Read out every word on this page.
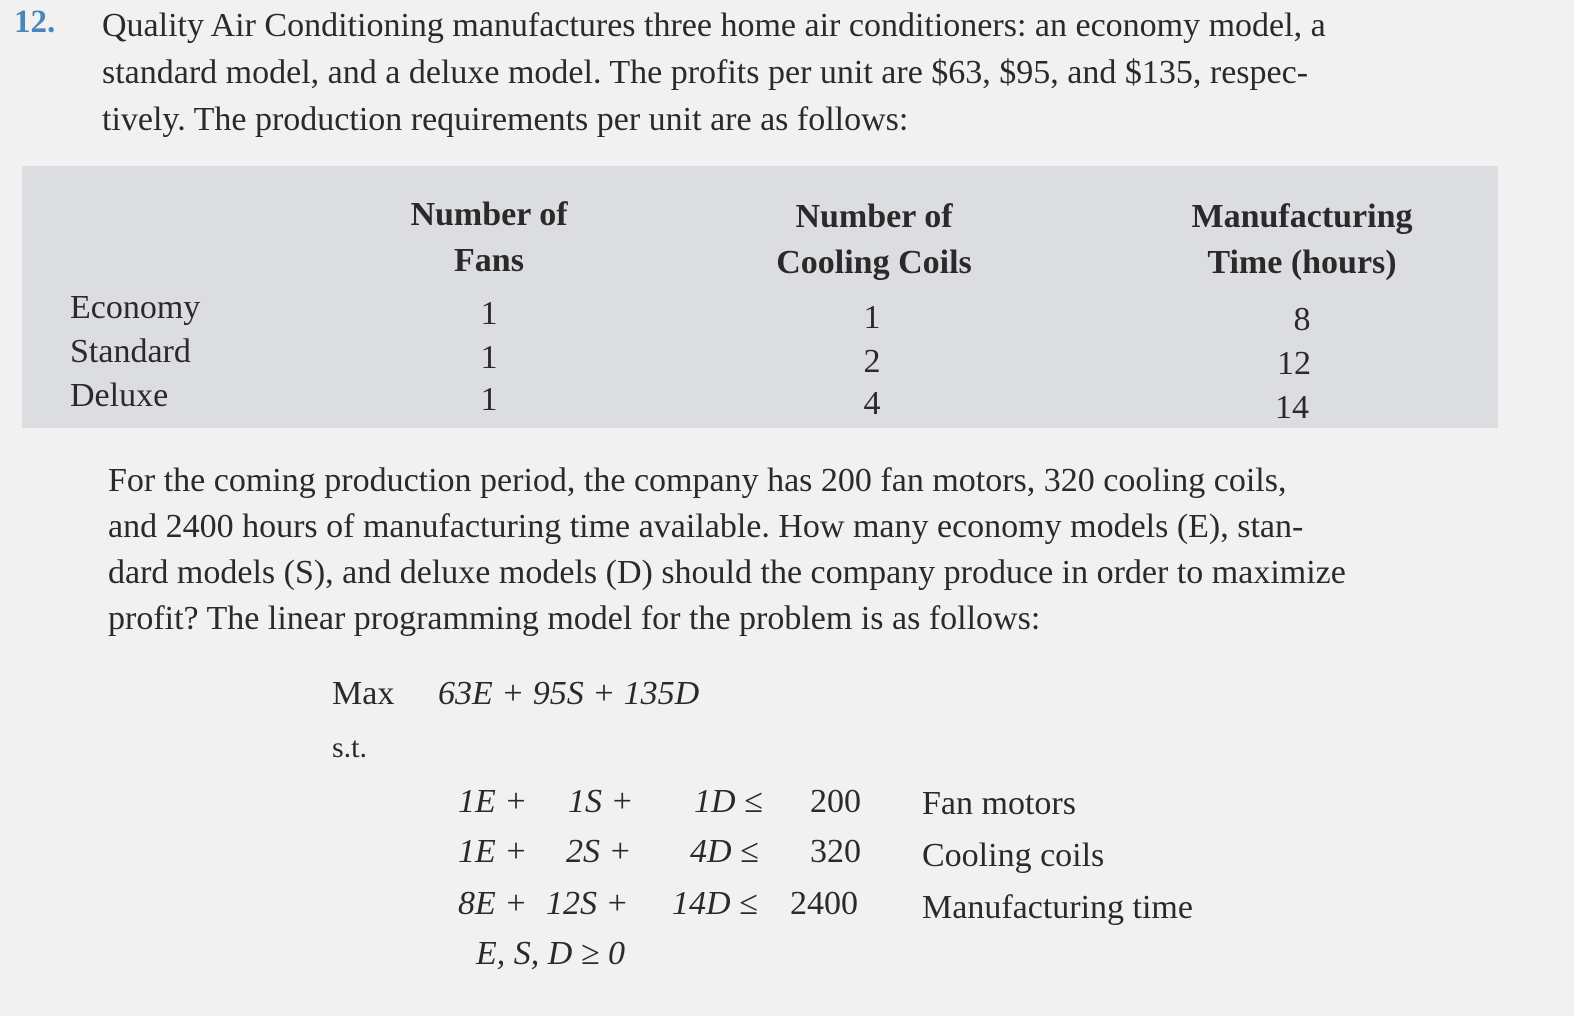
12. Quality Air Conditioning manufactures three home air conditioners: an economy model, a
standard model, and a deluxe model. The profits per unit are $63, $95, and $135, respec-
tively. The production requirements per unit are as follows:

Number of
Fans
Number of
Cooling Coils
Manufacturing
Time (hours)
Economy	1	1	8
Standard	1	2	12
Deluxe	1	4	14

For the coming production period, the company has 200 fan motors, 320 cooling coils,
and 2400 hours of manufacturing time available. How many economy models (E), stan-
dard models (S), and deluxe models (D) should the company produce in order to maximize
profit? The linear programming model for the problem is as follows:

Max 63E + 95S + 135D
s.t.
1E + 1S + 1D ≤ 200 Fan motors
1E + 2S + 4D ≤ 320 Cooling coils
8E + 12S + 14D ≤ 2400 Manufacturing time
E, S, D ≥ 0
